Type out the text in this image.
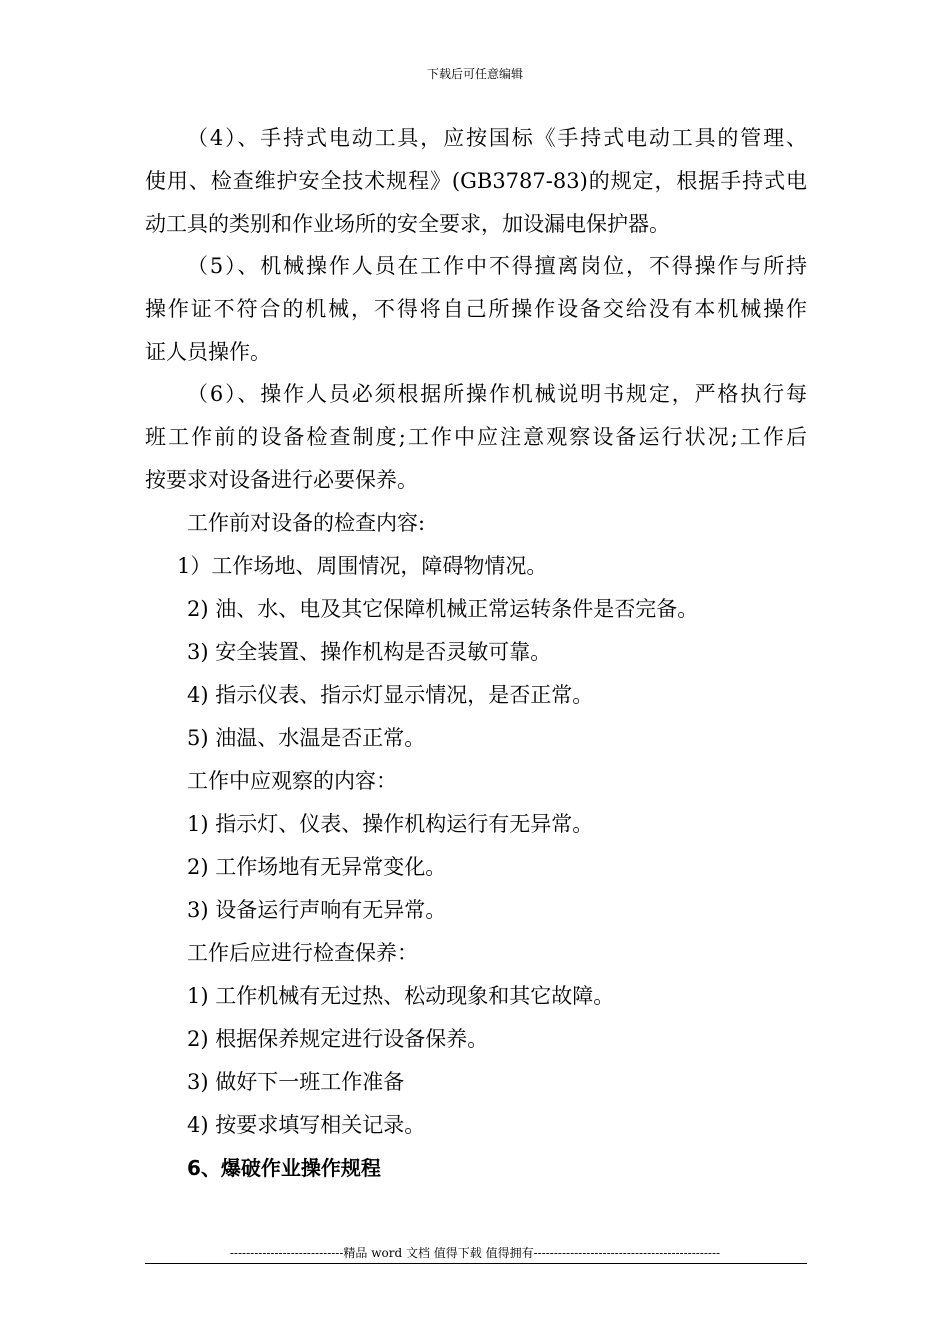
下载后可任意编辑
（4）、手持式电动工具，应按国标《手持式电动工具的管理、
使用、检查维护安全技术规程》(GB3787-83)的规定，根据手持式电
动工具的类别和作业场所的安全要求，加设漏电保护器。
（5）、机械操作人员在工作中不得擅离岗位，不得操作与所持
操作证不符合的机械，不得将自己所操作设备交给没有本机械操作
证人员操作。
（6）、操作人员必须根据所操作机械说明书规定，严格执行每
班工作前的设备检查制度;工作中应注意观察设备运行状况;工作后
按要求对设备进行必要保养。
工作前对设备的检查内容:
1）工作场地、周围情况，障碍物情况。
2) 油、水、电及其它保障机械正常运转条件是否完备。
3) 安全装置、操作机构是否灵敏可靠。
4) 指示仪表、指示灯显示情况，是否正常。
5) 油温、水温是否正常。
工作中应观察的内容：
1) 指示灯、仪表、操作机构运行有无异常。
2) 工作场地有无异常变化。
3) 设备运行声响有无异常。
工作后应进行检查保养：
1) 工作机械有无过热、松动现象和其它故障。
2) 根据保养规定进行设备保养。
3) 做好下一班工作准备
4) 按要求填写相关记录。
6、爆破作业操作规程
----------------------------精品 word 文档 值得下载 值得拥有----------------------------------------------
